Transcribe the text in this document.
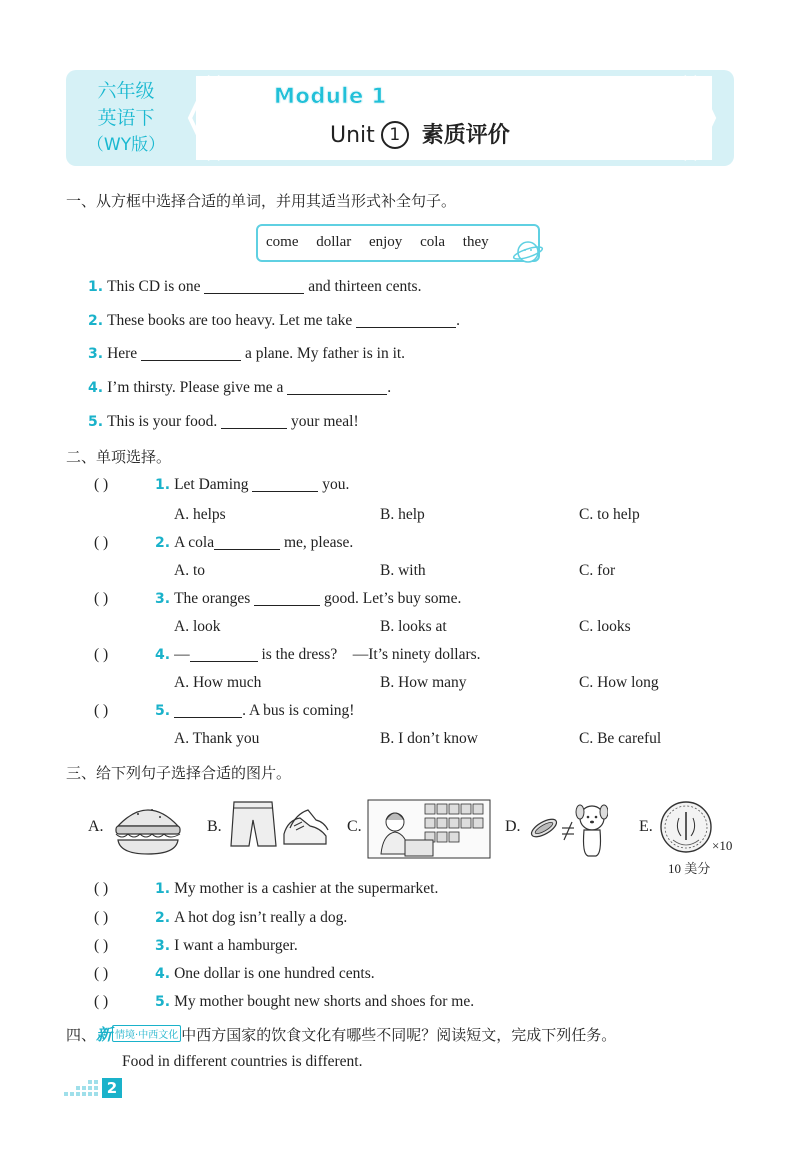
六年级
英语下
（WY版）
Module 1
Unit 1 素质评价
一、从方框中选择合适的单词，并用其适当形式补全句子。
come dollar enjoy cola they
1. This CD is one	and thirteen cents.
2. These books are too heavy. Let me take	.
3. Here	a plane. My father is in it.
4. I’m thirsty. Please give me a	.
5. This is your food.	your meal!
二、单项选择。
( )	1. Let Daming	you.
A. helps	B. help	C. to help
( )	2. A cola	me, please.
A. to	B. with	C. for
( )	3. The oranges	good. Let’s buy some.
A. look	B. looks at	C. looks
( )	4. —	is the dress?    —It’s ninety dollars.
A. How much	B. How many	C. How long
( )	5.	. A bus is coming!
A. Thank you	B. I don’t know	C. Be careful
三、给下列句子选择合适的图片。
A.	B.	C.	D.	E.
×10
10 美分
( )	1. My mother is a cashier at the supermarket.
( )	2. A hot dog isn’t really a dog.
( )	3. I want a hamburger.
( )	4. One dollar is one hundred cents.
( )	5. My mother bought new shorts and shoes for me.
四、新 情境·中西文化 中西方国家的饮食文化有哪些不同呢？阅读短文，完成下列任务。
Food in different countries is different.
2
